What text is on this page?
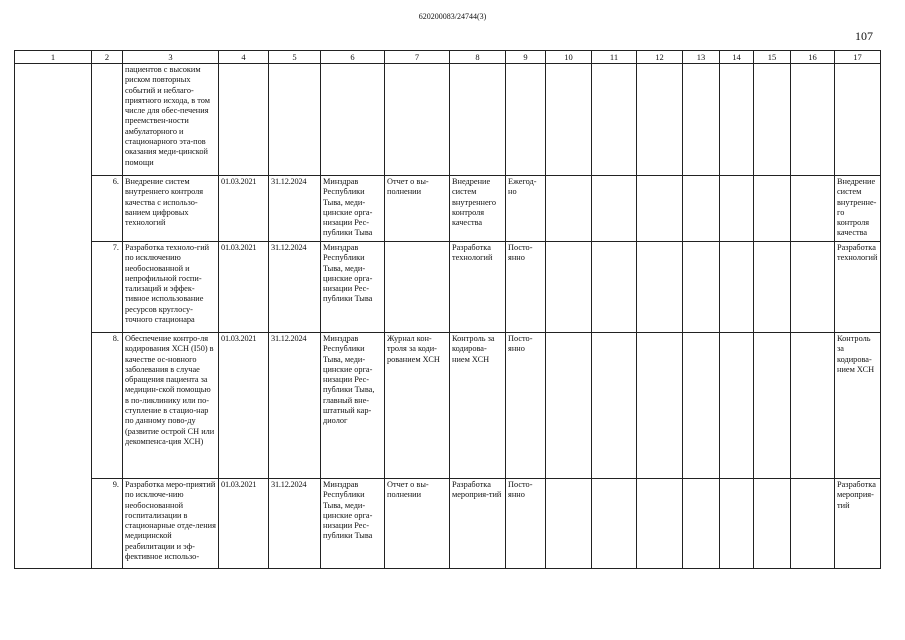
620200083/24744(3)
107
1	2	3	4	5	6	7	8	9	10	11	12	13	14	15	16	17
		пациентов с высоким риском повторных событий и неблаго-приятного исхода, в том числе для обес-печения преемствен-ности амбулаторного и стационарного эта-пов оказания меди-цинской помощи														
	6.	Внедрение систем внутреннего контроля качества с использо-ванием цифровых технологий	01.03.2021	31.12.2024	Минздрав Республики Тыва, меди-цинские орга-низации Рес-публики Тыва	Отчет о вы-полнении	Внедрение систем внутреннего контроля качества	Ежегод-но								Внедрение систем внутренне-го контроля качества
	7.	Разработка техноло-гий по исключению необоснованной и непрофильной госпи-тализаций и эффек-тивное использование ресурсов круглосу-точного стационара	01.03.2021	31.12.2024	Минздрав Республики Тыва, меди-цинские орга-низации Рес-публики Тыва		Разработка технологий	Посто-янно								Разработка технологий
	8.	Обеспечение контро-ля кодирования ХСН (I50) в качестве ос-новного заболевания в случае обращения пациента за медицин-ской помощью в по-ликлинику или по-ступление в стацио-нар по данному пово-ду (развитие острой СН или декомпенса-ция ХСН)	01.03.2021	31.12.2024	Минздрав Республики Тыва, меди-цинские орга-низации Рес-публики Тыва, главный вне-штатный кар-диолог	Журнал кон-троля за коди-рованием ХСН	Контроль за кодирова-нием ХСН	Посто-янно								Контроль за кодирова-нием ХСН
	9.	Разработка меро-приятий по исключе-нию необоснованной госпитализации в стационарные отде-ления медицинской реабилитации и эф-фективное использо-	01.03.2021	31.12.2024	Минздрав Республики Тыва, меди-цинские орга-низации Рес-публики Тыва	Отчет о вы-полнении	Разработка мероприя-тий	Посто-янно								Разработка мероприя-тий
